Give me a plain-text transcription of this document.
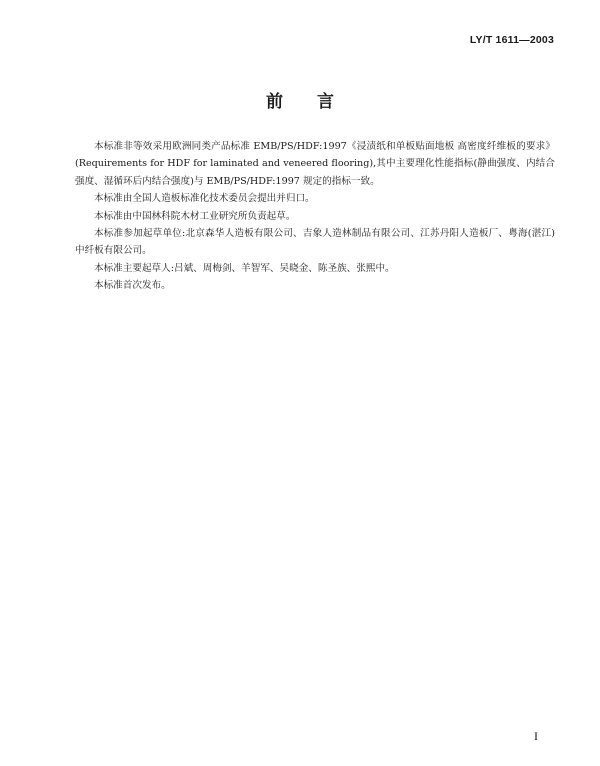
LY/T 1611—2003
前 言

本标准非等效采用欧洲同类产品标准 EMB/PS/HDF:1997《浸渍纸和单板贴面地板 高密度纤维板的要求》(Requirements for HDF for laminated and veneered flooring),其中主要理化性能指标(静曲强度、内结合强度、湿循环后内结合强度)与 EMB/PS/HDF:1997 规定的指标一致。

本标准由全国人造板标准化技术委员会提出并归口。

本标准由中国林科院木材工业研究所负责起草。

本标准参加起草单位:北京森华人造板有限公司、吉象人造林制品有限公司、江苏丹阳人造板厂、粤海(湛江)中纤板有限公司。

本标准主要起草人:吕斌、周梅剑、羊智军、吴晓金、陈圣族、张熙中。

本标准首次发布。

I
